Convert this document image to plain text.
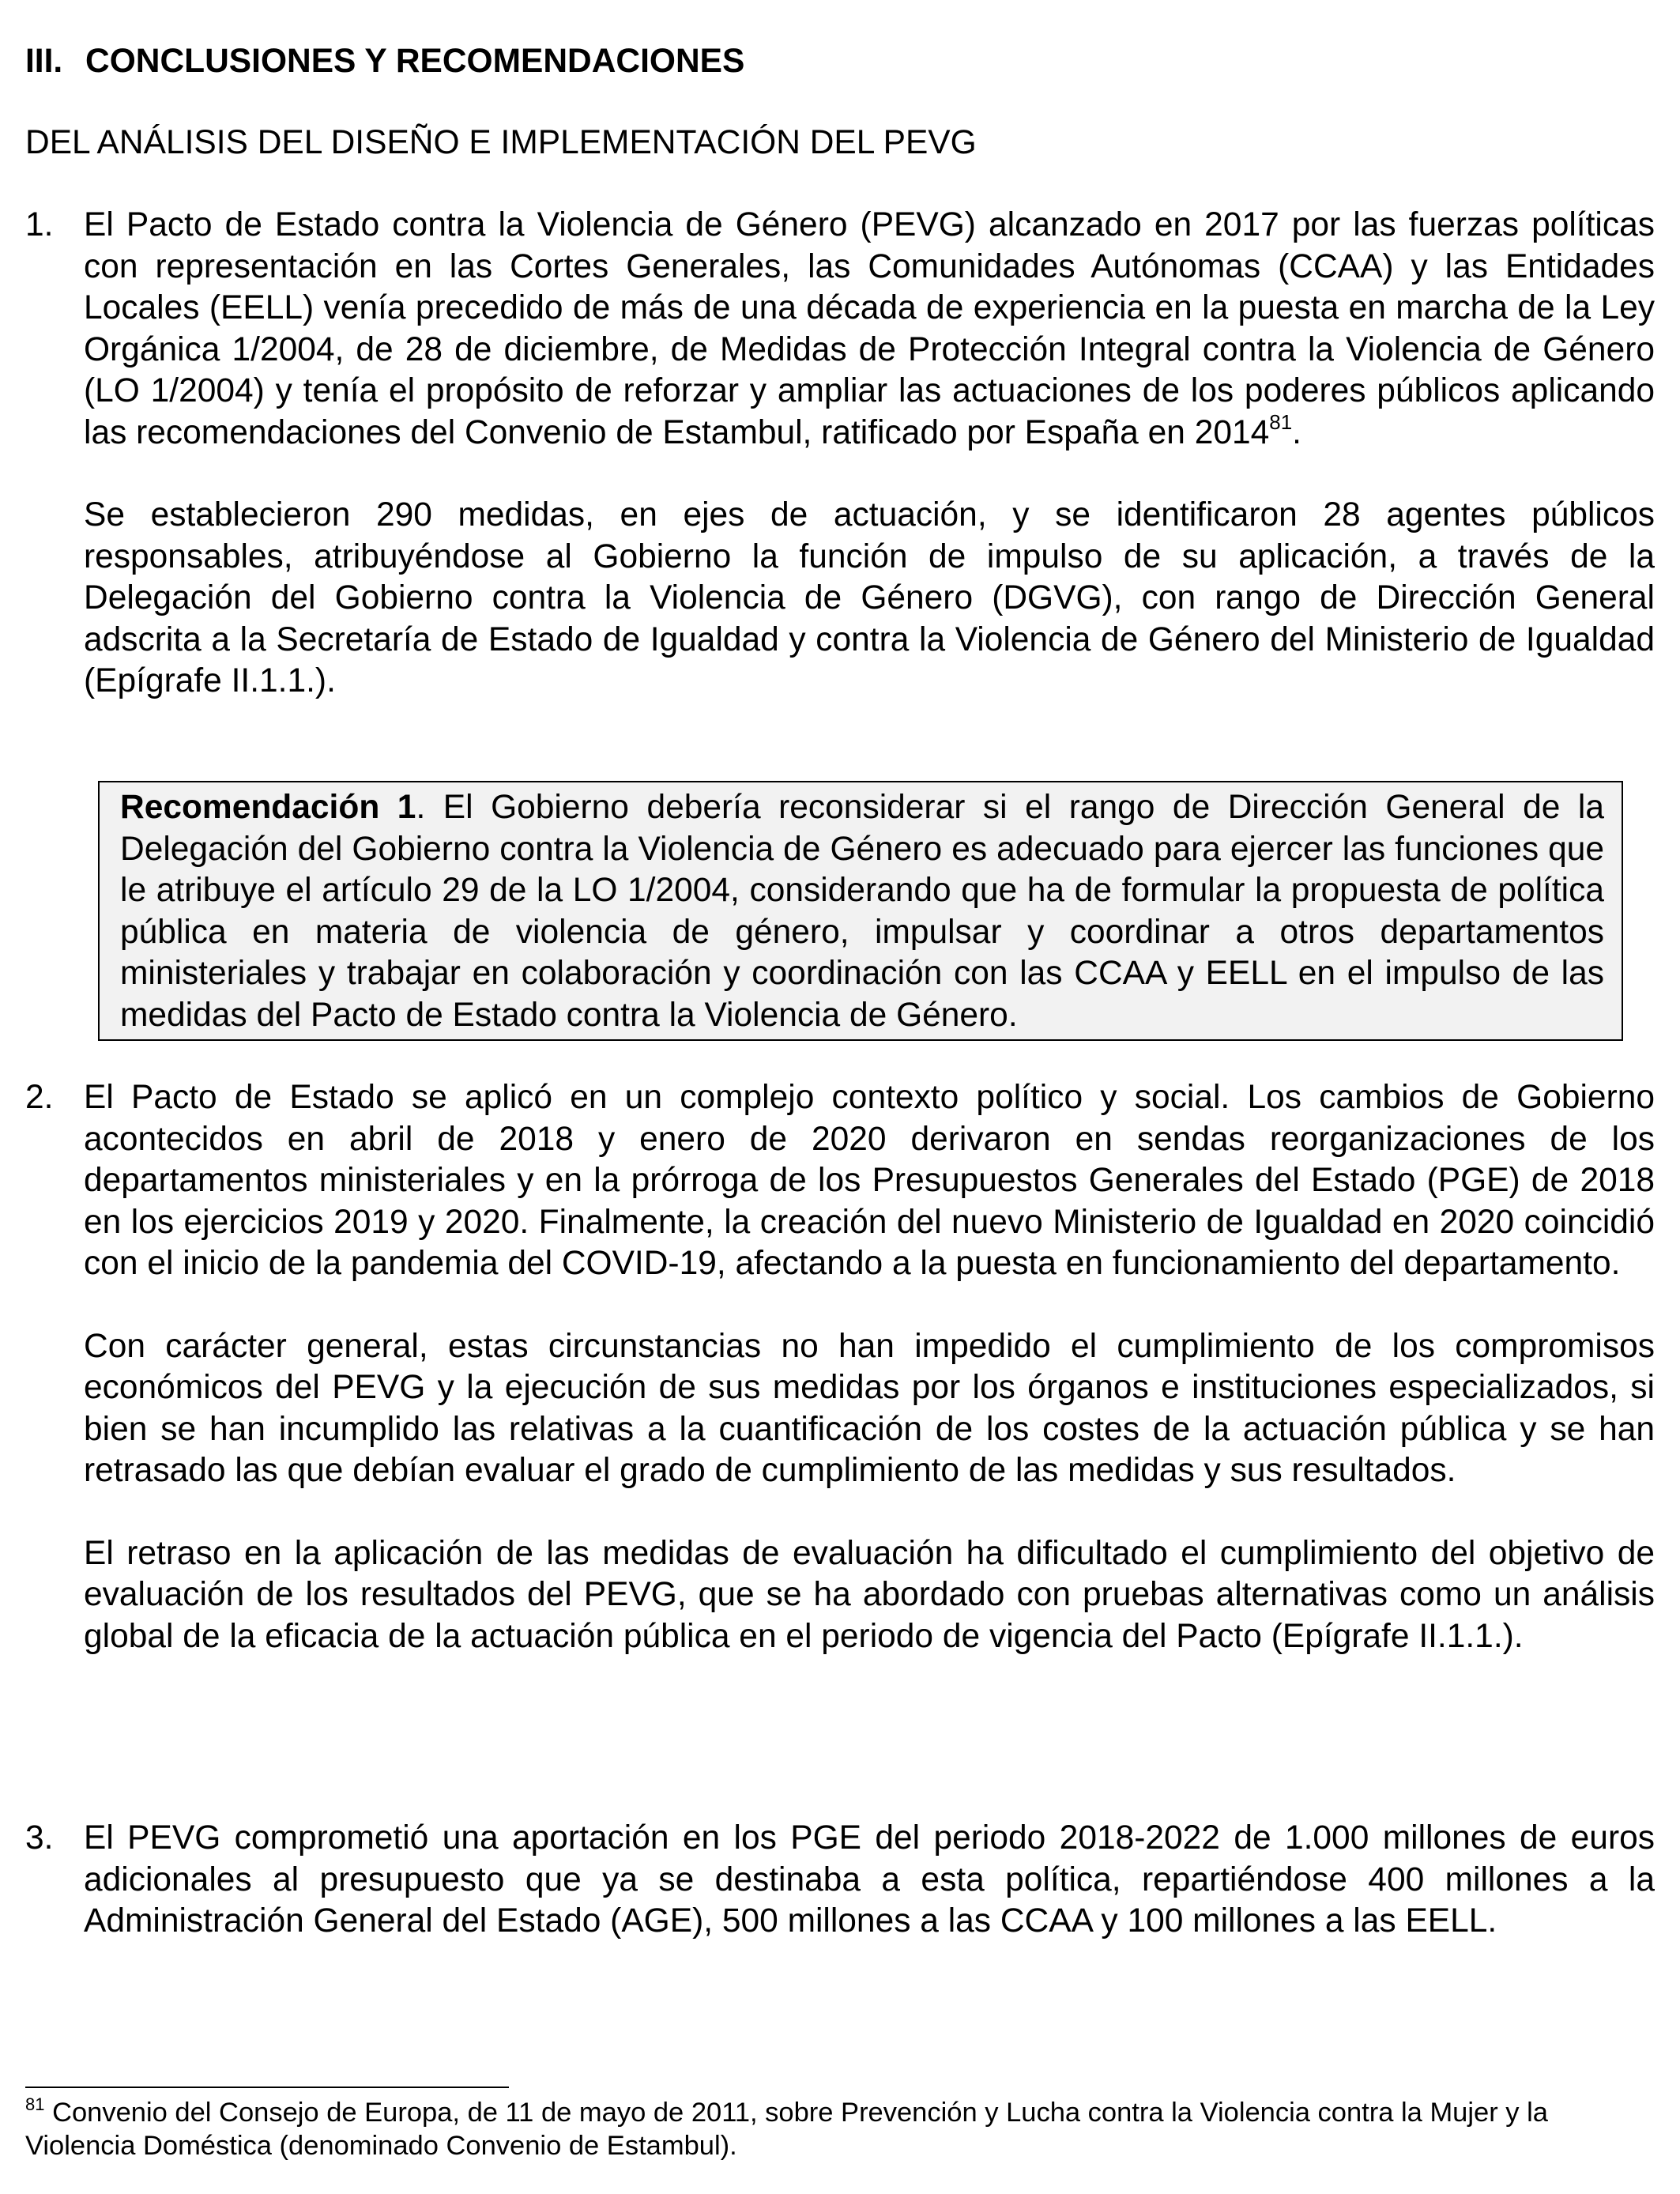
III. CONCLUSIONES Y RECOMENDACIONES
DEL ANÁLISIS DEL DISEÑO E IMPLEMENTACIÓN DEL PEVG
1. El Pacto de Estado contra la Violencia de Género (PEVG) alcanzado en 2017 por las fuerzas políticas con representación en las Cortes Generales, las Comunidades Autónomas (CCAA) y las Entidades Locales (EELL) venía precedido de más de una década de experiencia en la puesta en marcha de la Ley Orgánica 1/2004, de 28 de diciembre, de Medidas de Protección Integral contra la Violencia de Género (LO 1/2004) y tenía el propósito de reforzar y ampliar las actuaciones de los poderes públicos aplicando las recomendaciones del Convenio de Estambul, ratificado por España en 2014$^{81}$.
Se establecieron 290 medidas, en ejes de actuación, y se identificaron 28 agentes públicos responsables, atribuyéndose al Gobierno la función de impulso de su aplicación, a través de la Delegación del Gobierno contra la Violencia de Género (DGVG), con rango de Dirección General adscrita a la Secretaría de Estado de Igualdad y contra la Violencia de Género del Ministerio de Igualdad (Epígrafe II.1.1.).
Recomendación 1. El Gobierno debería reconsiderar si el rango de Dirección General de la Delegación del Gobierno contra la Violencia de Género es adecuado para ejercer las funciones que le atribuye el artículo 29 de la LO 1/2004, considerando que ha de formular la propuesta de política pública en materia de violencia de género, impulsar y coordinar a otros departamentos ministeriales y trabajar en colaboración y coordinación con las CCAA y EELL en el impulso de las medidas del Pacto de Estado contra la Violencia de Género.
2. El Pacto de Estado se aplicó en un complejo contexto político y social. Los cambios de Gobierno acontecidos en abril de 2018 y enero de 2020 derivaron en sendas reorganizaciones de los departamentos ministeriales y en la prórroga de los Presupuestos Generales del Estado (PGE) de 2018 en los ejercicios 2019 y 2020. Finalmente, la creación del nuevo Ministerio de Igualdad en 2020 coincidió con el inicio de la pandemia del COVID-19, afectando a la puesta en funcionamiento del departamento.
Con carácter general, estas circunstancias no han impedido el cumplimiento de los compromisos económicos del PEVG y la ejecución de sus medidas por los órganos e instituciones especializados, si bien se han incumplido las relativas a la cuantificación de los costes de la actuación pública y se han retrasado las que debían evaluar el grado de cumplimiento de las medidas y sus resultados.
El retraso en la aplicación de las medidas de evaluación ha dificultado el cumplimiento del objetivo de evaluación de los resultados del PEVG, que se ha abordado con pruebas alternativas como un análisis global de la eficacia de la actuación pública en el periodo de vigencia del Pacto (Epígrafe II.1.1.).
3. El PEVG comprometió una aportación en los PGE del periodo 2018-2022 de 1.000 millones de euros adicionales al presupuesto que ya se destinaba a esta política, repartiéndose 400 millones a la Administración General del Estado (AGE), 500 millones a las CCAA y 100 millones a las EELL.
$^{81}$ Convenio del Consejo de Europa, de 11 de mayo de 2011, sobre Prevención y Lucha contra la Violencia contra la Mujer y la Violencia Doméstica (denominado Convenio de Estambul).
